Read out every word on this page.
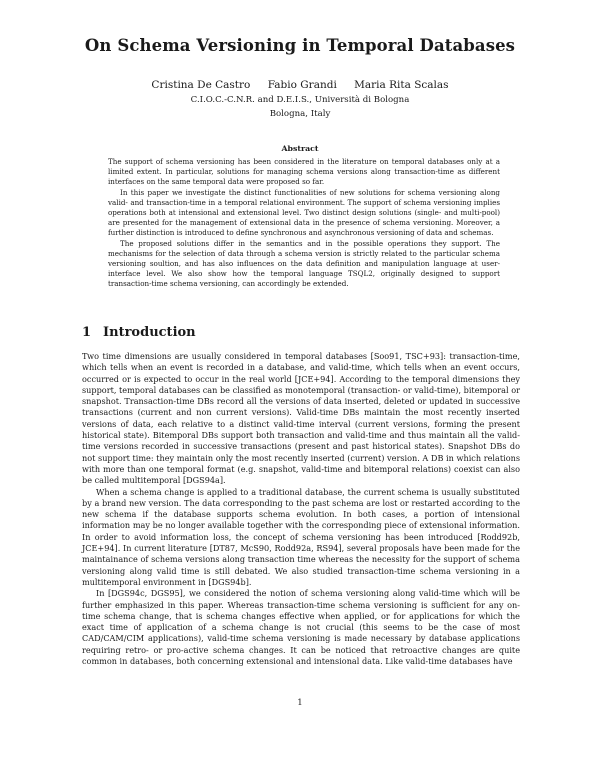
On Schema Versioning in Temporal Databases
Cristina De Castro Fabio Grandi Maria Rita Scalas
C.I.O.C.-C.N.R. and D.E.I.S., Università di Bologna
Bologna, Italy
Abstract

The support of schema versioning has been considered in the literature on temporal databases only at a limited extent. In particular, solutions for managing schema versions along transaction-time as different interfaces on the same temporal data were proposed so far.

In this paper we investigate the distinct functionalities of new solutions for schema versioning along valid- and transaction-time in a temporal relational environment. The support of schema versioning implies operations both at intensional and extensional level. Two distinct design solutions (single- and multi-pool) are presented for the management of extensional data in the presence of schema versioning. Moreover, a further distinction is introduced to define synchronous and asynchronous versioning of data and schemas.

The proposed solutions differ in the semantics and in the possible operations they support. The mechanisms for the selection of data through a schema version is strictly related to the particular schema versioning soultion, and has also influences on the data definition and manipulation language at user-interface level. We also show how the temporal language TSQL2, originally designed to support transaction-time schema versioning, can accordingly be extended.

1 Introduction

Two time dimensions are usually considered in temporal databases [Soo91, TSC+93]: transaction-time, which tells when an event is recorded in a database, and valid-time, which tells when an event occurs, occurred or is expected to occur in the real world [JCE+94]. According to the temporal dimensions they support, temporal databases can be classified as monotemporal (transaction- or valid-time), bitemporal or snapshot. Transaction-time DBs record all the versions of data inserted, deleted or updated in successive transactions (current and non current versions). Valid-time DBs maintain the most recently inserted versions of data, each relative to a distinct valid-time interval (current versions, forming the present historical state). Bitemporal DBs support both transaction and valid-time and thus maintain all the valid-time versions recorded in successive transactions (present and past historical states). Snapshot DBs do not support time: they maintain only the most recently inserted (current) version. A DB in which relations with more than one temporal format (e.g. snapshot, valid-time and bitemporal relations) coexist can also be called multitemporal [DGS94a].

When a schema change is applied to a traditional database, the current schema is usually substituted by a brand new version. The data corresponding to the past schema are lost or restarted according to the new schema if the database supports schema evolution. In both cases, a portion of intensional information may be no longer available together with the corresponding piece of extensional information. In order to avoid information loss, the concept of schema versioning has been introduced [Rodd92b, JCE+94]. In current literature [DT87, McS90, Rodd92a, RS94], several proposals have been made for the maintainance of schema versions along transaction time whereas the necessity for the support of schema versioning along valid time is still debated. We also studied transaction-time schema versioning in a multitemporal environment in [DGS94b].

In [DGS94c, DGS95], we considered the notion of schema versioning along valid-time which will be further emphasized in this paper. Whereas transaction-time schema versioning is sufficient for any on-time schema change, that is schema changes effective when applied, or for applications for which the exact time of application of a schema change is not crucial (this seems to be the case of most CAD/CAM/CIM applications), valid-time schema versioning is made necessary by database applications requiring retro- or pro-active schema changes. It can be noticed that retroactive changes are quite common in databases, both concerning extensional and intensional data. Like valid-time databases have

1
